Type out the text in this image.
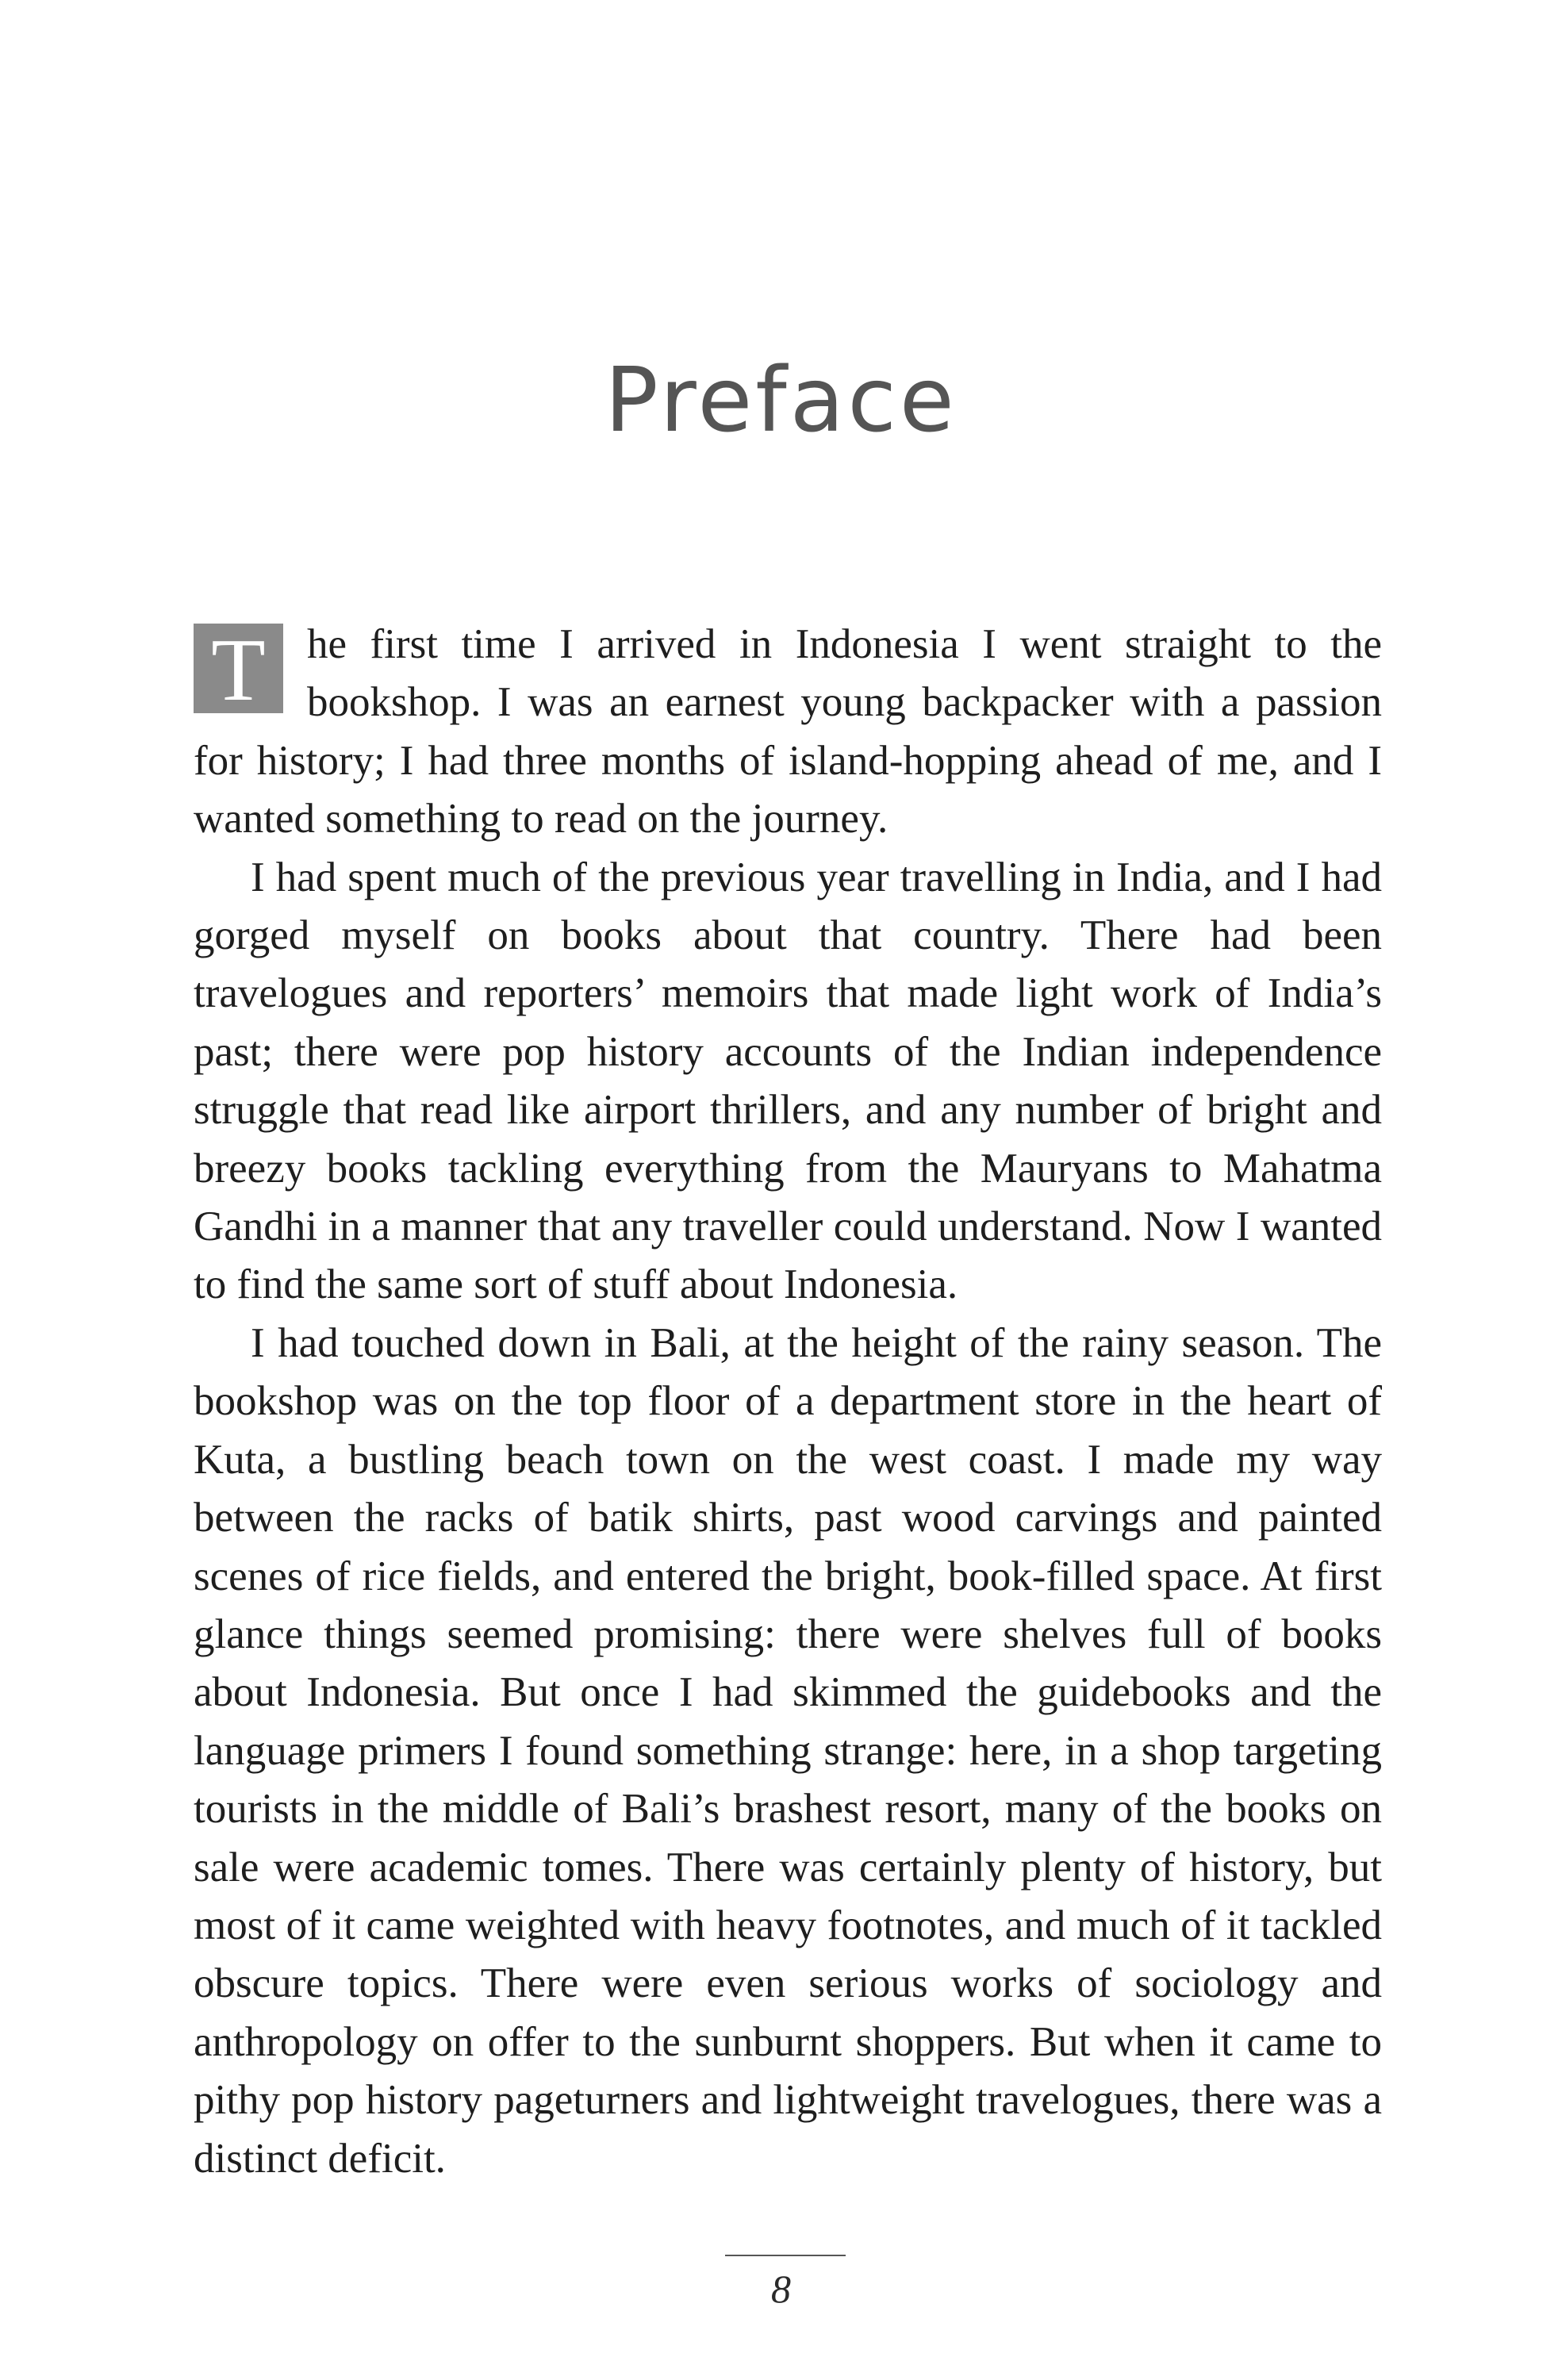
Preface

T he first time I arrived in Indonesia I went straight to the bookshop. I was an earnest young backpacker with a passion for history; I had three months of island-hopping ahead of me, and I wanted something to read on the journey.

I had spent much of the previous year travelling in India, and I had gorged myself on books about that country. There had been travelogues and reporters’ memoirs that made light work of India’s past; there were pop history accounts of the Indian independence struggle that read like airport thrillers, and any number of bright and breezy books tackling everything from the Mauryans to Mahatma Gandhi in a manner that any traveller could understand. Now I wanted to find the same sort of stuff about Indonesia.

I had touched down in Bali, at the height of the rainy season. The bookshop was on the top floor of a department store in the heart of Kuta, a bustling beach town on the west coast. I made my way between the racks of batik shirts, past wood carvings and painted scenes of rice fields, and entered the bright, book-filled space. At first glance things seemed promising: there were shelves full of books about Indonesia. But once I had skimmed the guidebooks and the language primers I found something strange: here, in a shop targeting tourists in the middle of Bali’s brashest resort, many of the books on sale were academic tomes. There was certainly plenty of history, but most of it came weighted with heavy footnotes, and much of it tackled obscure topics. There were even serious works of sociology and anthropology on offer to the sunburnt shoppers. But when it came to pithy pop history pageturners and lightweight travelogues, there was a distinct deficit.

8
